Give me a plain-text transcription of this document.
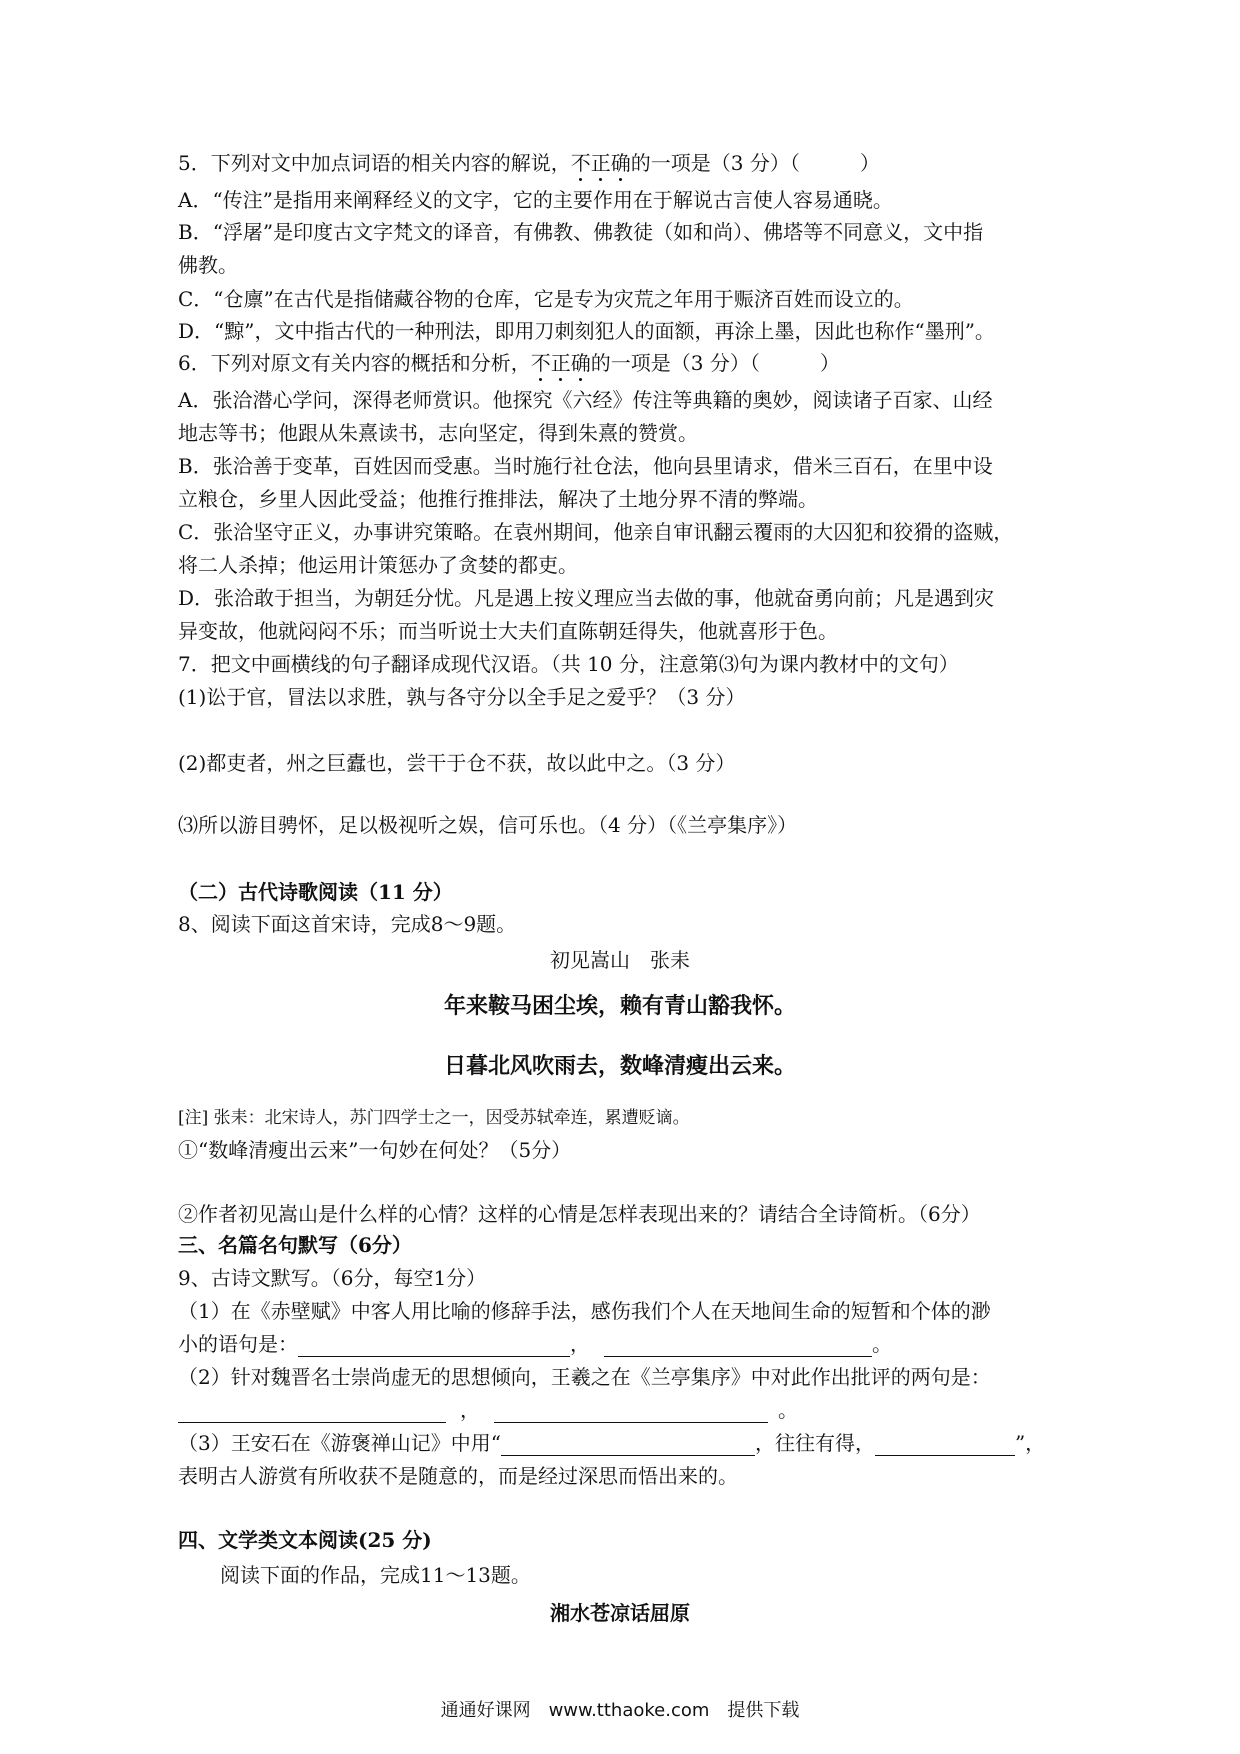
5．下列对文中加点词语的相关内容的解说，不正确的一项是（3 分）（　　　）
A．“传注”是指用来阐释经义的文字，它的主要作用在于解说古言使人容易通晓。
B．“浮屠”是印度古文字梵文的译音，有佛教、佛教徒（如和尚）、佛塔等不同意义，文中指
佛教。
C．“仓廪”在古代是指储藏谷物的仓库，它是专为灾荒之年用于赈济百姓而设立的。
D．“黥”，文中指古代的一种刑法，即用刀刺刻犯人的面额，再涂上墨，因此也称作“墨刑”。
6．下列对原文有关内容的概括和分析，不正确的一项是（3 分）（　　　）
A．张洽潜心学问，深得老师赏识。他探究《六经》传注等典籍的奥妙，阅读诸子百家、山经
地志等书；他跟从朱熹读书，志向坚定，得到朱熹的赞赏。
B．张洽善于变革，百姓因而受惠。当时施行社仓法，他向县里请求，借米三百石，在里中设
立粮仓，乡里人因此受益；他推行推排法，解决了土地分界不清的弊端。
C．张洽坚守正义，办事讲究策略。在袁州期间，他亲自审讯翻云覆雨的大囚犯和狡猾的盗贼，
将二人杀掉；他运用计策惩办了贪婪的都吏。
D．张洽敢于担当，为朝廷分忧。凡是遇上按义理应当去做的事，他就奋勇向前；凡是遇到灾
异变故，他就闷闷不乐；而当听说士大夫们直陈朝廷得失，他就喜形于色。
7．把文中画横线的句子翻译成现代汉语。（共 10 分，注意第⑶句为课内教材中的文句）
(1)讼于官，冒法以求胜，孰与各守分以全手足之爱乎？（3 分）
(2)都吏者，州之巨蠹也，尝干于仓不获，故以此中之。（3 分）
⑶所以游目骋怀，足以极视听之娱，信可乐也。（4 分）（《兰亭集序》）
（二）古代诗歌阅读（11 分）
8、阅读下面这首宋诗，完成8～9题。
初见嵩山　张耒
年来鞍马困尘埃，赖有青山豁我怀。
日暮北风吹雨去，数峰清瘦出云来。
[注] 张耒：北宋诗人，苏门四学士之一，因受苏轼牵连，累遭贬谪。
①“数峰清瘦出云来”一句妙在何处？（5分）
②作者初见嵩山是什么样的心情？这样的心情是怎样表现出来的？请结合全诗简析。（6分）
三、名篇名句默写（6分）
9、古诗文默写。（6分，每空1分）
（1）在《赤壁赋》中客人用比喻的修辞手法，感伤我们个人在天地间生命的短暂和个体的渺
小的语句是：	，	。
（2）针对魏晋名士崇尚虚无的思想倾向，王羲之在《兰亭集序》中对此作出批评的两句是：
，	。
（3）王安石在《游褒禅山记》中用“	，往往有得，	”，
表明古人游赏有所收获不是随意的，而是经过深思而悟出来的。
四、文学类文本阅读(25 分)
阅读下面的作品，完成11～13题。
湘水苍凉话屈原
通通好课网　www.tthaoke.com　提供下载
